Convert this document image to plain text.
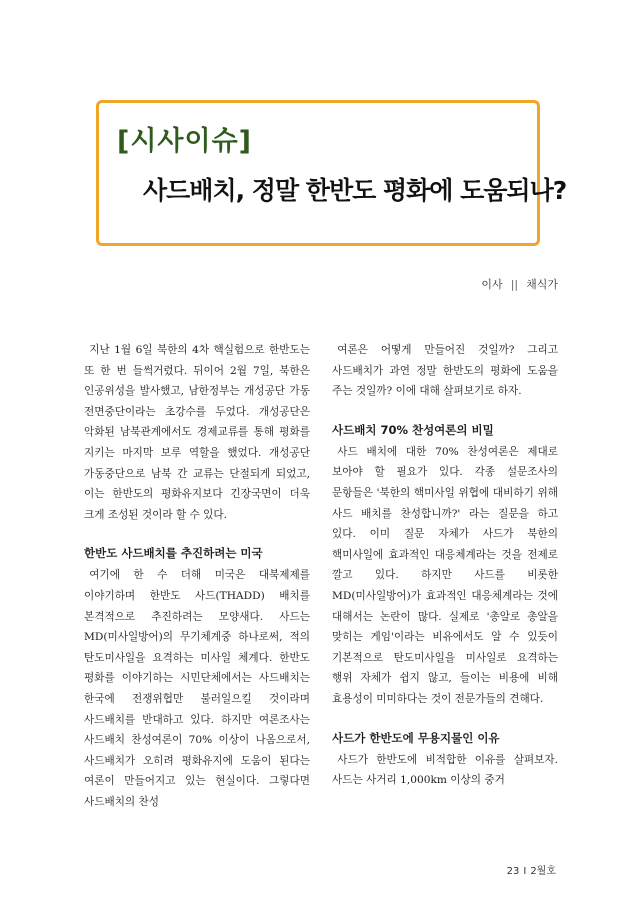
[시사이슈]
사드배치, 정말 한반도 평화에 도움되나?
이사 || 채식가

지난 1월 6일 북한의 4차 핵실험으로 한반도는 또 한 번 들썩거렸다. 뒤이어 2월 7일, 북한은 인공위성을 발사했고, 남한정부는 개성공단 가동 전면중단이라는 초강수를 두었다. 개성공단은 악화된 남북관계에서도 경제교류를 통해 평화를 지키는 마지막 보루 역할을 했었다. 개성공단 가동중단으로 남북 간 교류는 단절되게 되었고, 이는 한반도의 평화유지보다 긴장국면이 더욱 크게 조성된 것이라 할 수 있다.

한반도 사드배치를 추진하려는 미국

여기에 한 수 더해 미국은 대북제제를 이야기하며 한반도 사드(THADD) 배치를 본격적으로 추진하려는 모양새다. 사드는 MD(미사일방어)의 무기체계중 하나로써, 적의 탄도미사일을 요격하는 미사일 체계다. 한반도 평화를 이야기하는 시민단체에서는 사드배치는 한국에 전쟁위협만 불러일으킬 것이라며 사드배치를 반대하고 있다. 하지만 여론조사는 사드배치 찬성여론이 70% 이상이 나옴으로서, 사드배치가 오히려 평화유지에 도움이 된다는 여론이 만들어지고 있는 현실이다. 그렇다면 사드배치의 찬성

여론은 어떻게 만들어진 것일까? 그리고 사드배치가 과연 정말 한반도의 평화에 도움을 주는 것일까? 이에 대해 살펴보기로 하자.

사드배치 70% 찬성여론의 비밀

사드 배치에 대한 70% 찬성여론은 제대로 보아야 할 필요가 있다. 각종 설문조사의 문항들은 '북한의 핵미사일 위협에 대비하기 위해 사드 배치를 찬성합니까?' 라는 질문을 하고 있다. 이미 질문 자체가 사드가 북한의 핵미사일에 효과적인 대응체계라는 것을 전제로 깔고 있다. 하지만 사드를 비롯한 MD(미사일방어)가 효과적인 대응체계라는 것에 대해서는 논란이 많다. 실제로 '총알로 총알을 맞히는 게임'이라는 비유에서도 알 수 있듯이 기본적으로 탄도미사일을 미사일로 요격하는 행위 자체가 쉽지 않고, 들이는 비용에 비해 효용성이 미미하다는 것이 전문가들의 견해다.

사드가 한반도에 무용지물인 이유

사드가 한반도에 비적합한 이유를 살펴보자. 사드는 사거리 1,000km 이상의 중거

23 I 2월호
